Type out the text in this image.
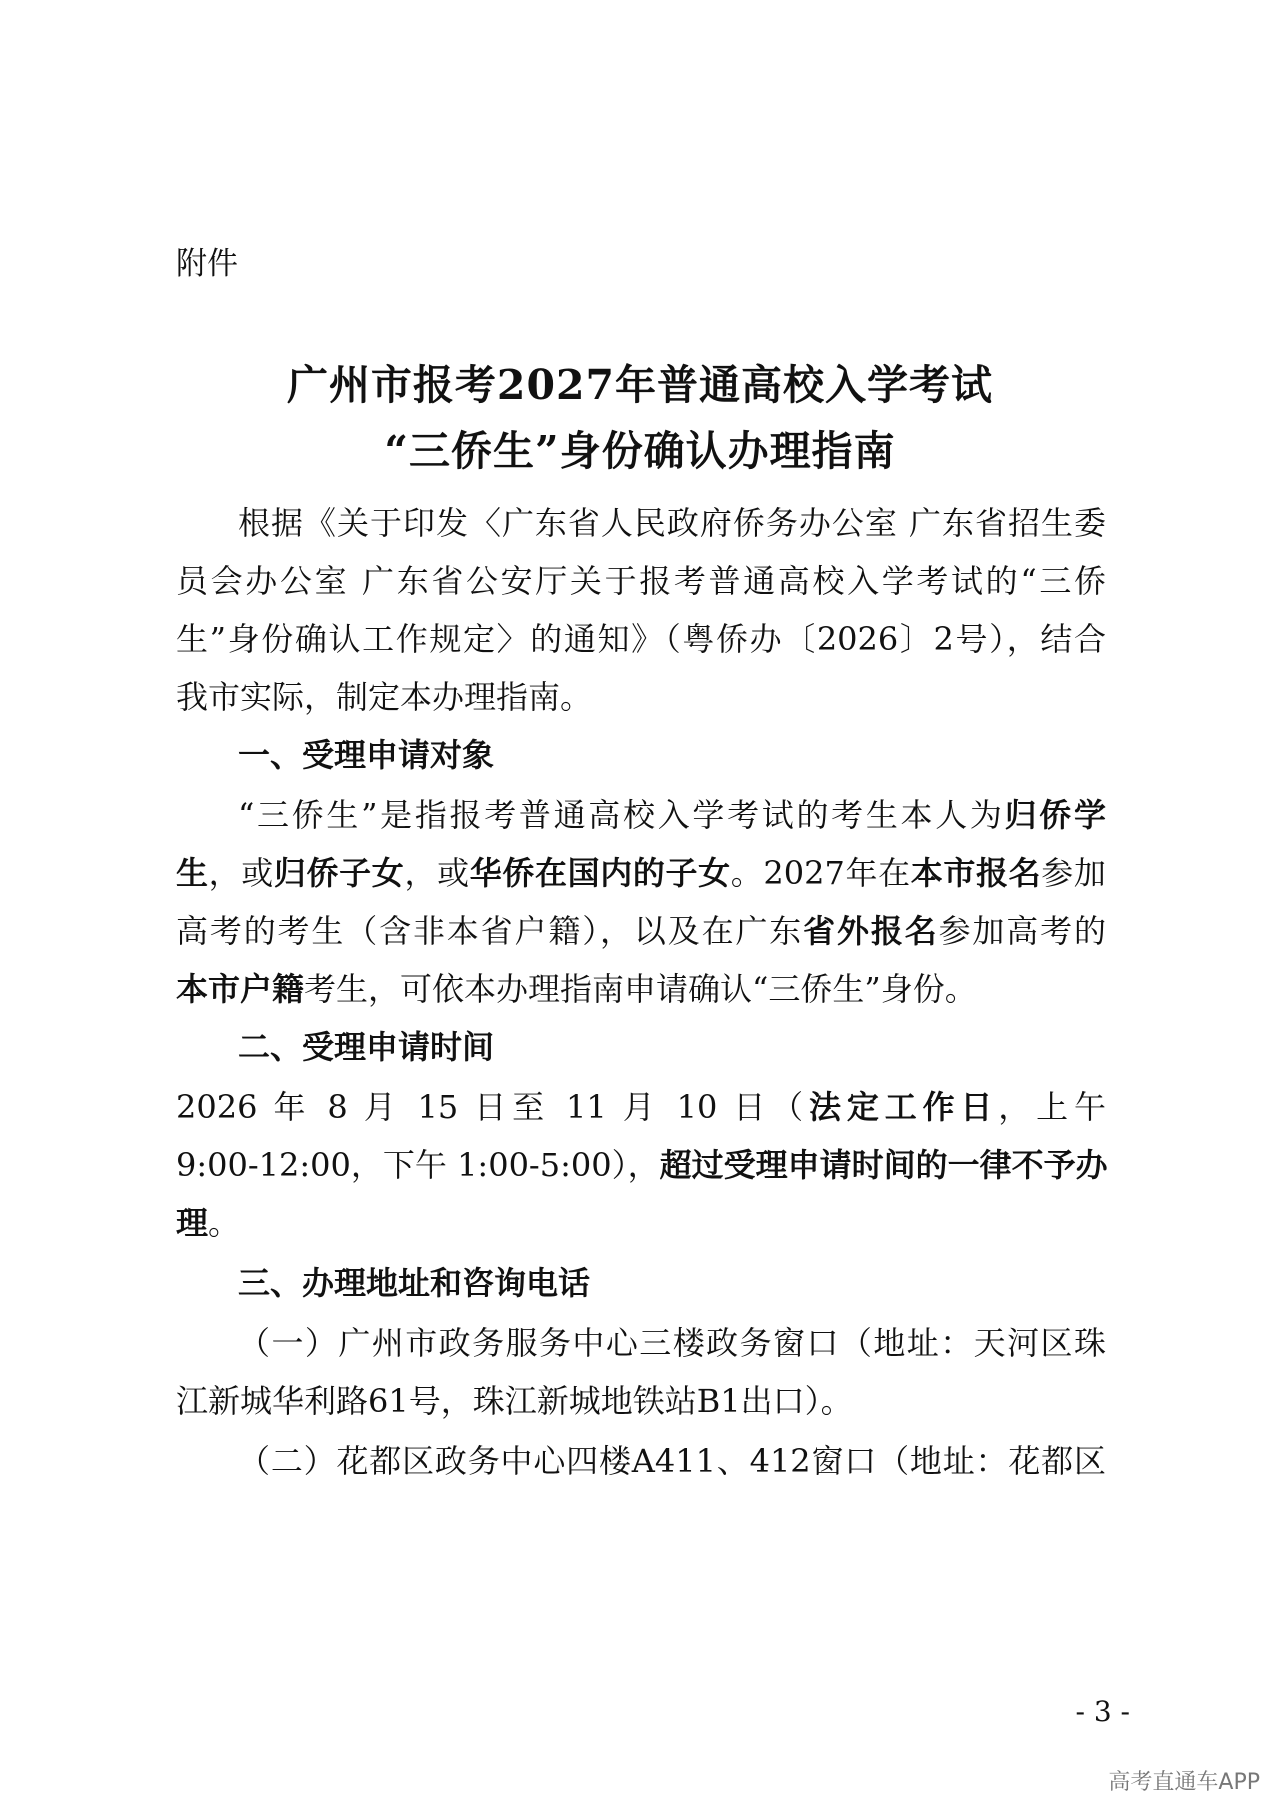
附件
广州市报考2027年普通高校入学考试
“三侨生”身份确认办理指南
根据《关于印发〈广东省人民政府侨务办公室 广东省招生委
员会办公室 广东省公安厅关于报考普通高校入学考试的“三侨
生”身份确认工作规定〉的通知》（粤侨办〔2026〕2号），结合
我市实际，制定本办理指南。
一、受理申请对象
“三侨生”是指报考普通高校入学考试的考生本人为归侨学
生，或归侨子女，或华侨在国内的子女。2027年在本市报名参加
高考的考生（含非本省户籍），以及在广东省外报名参加高考的
本市户籍考生，可依本办理指南申请确认“三侨生”身份。
二、受理申请时间
2026 年 8 月 15 日至 11 月 10 日（法定工作日，上午
9:00-12:00，下午 1:00-5:00），超过受理申请时间的一律不予办
理。
三、办理地址和咨询电话
（一）广州市政务服务中心三楼政务窗口（地址：天河区珠
江新城华利路61号，珠江新城地铁站B1出口）。
（二）花都区政务中心四楼A411、412窗口（地址：花都区
- 3 -
高考直通车APP
